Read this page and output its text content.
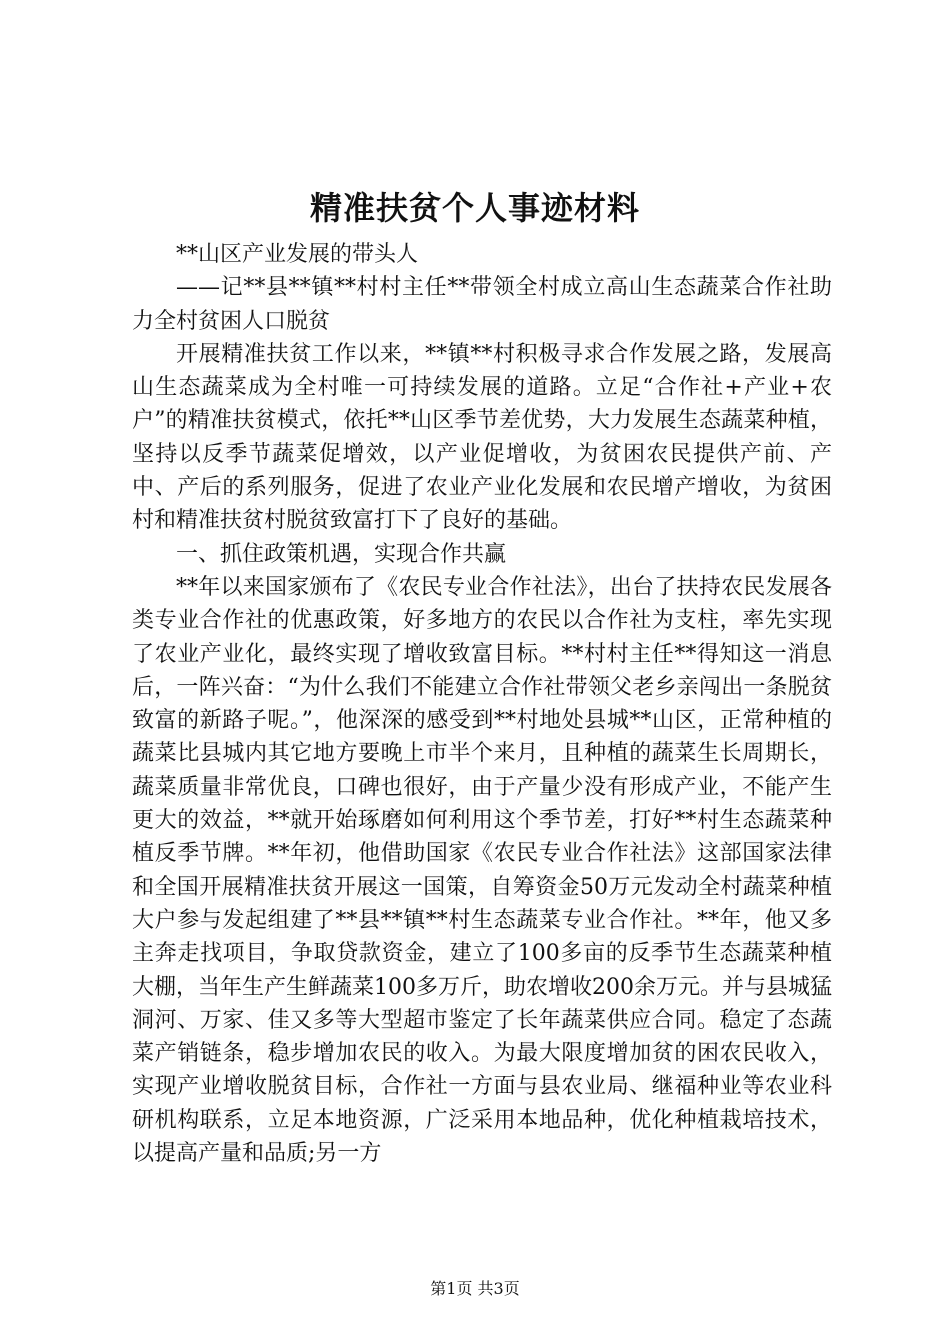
精准扶贫个人事迹材料

**山区产业发展的带头人

——记**县**镇**村村主任**带领全村成立高山生态蔬菜合作社助力全村贫困人口脱贫

开展精准扶贫工作以来，**镇**村积极寻求合作发展之路，发展高山生态蔬菜成为全村唯一可持续发展的道路。立足“合作社+产业+农户”的精准扶贫模式，依托**山区季节差优势，大力发展生态蔬菜种植，坚持以反季节蔬菜促增效，以产业促增收，为贫困农民提供产前、产中、产后的系列服务，促进了农业产业化发展和农民增产增收，为贫困村和精准扶贫村脱贫致富打下了良好的基础。

一、抓住政策机遇，实现合作共赢

**年以来国家颁布了《农民专业合作社法》，出台了扶持农民发展各类专业合作社的优惠政策，好多地方的农民以合作社为支柱，率先实现了农业产业化，最终实现了增收致富目标。**村村主任**得知这一消息后，一阵兴奋：“为什么我们不能建立合作社带领父老乡亲闯出一条脱贫致富的新路子呢。”，他深深的感受到**村地处县城**山区，正常种植的蔬菜比县城内其它地方要晚上市半个来月，且种植的蔬菜生长周期长，蔬菜质量非常优良，口碑也很好，由于产量少没有形成产业，不能产生更大的效益，**就开始琢磨如何利用这个季节差，打好**村生态蔬菜种植反季节牌。**年初，他借助国家《农民专业合作社法》这部国家法律和全国开展精准扶贫开展这一国策，自筹资金50万元发动全村蔬菜种植大户参与发起组建了**县**镇**村生态蔬菜专业合作社。**年，他又多主奔走找项目，争取贷款资金，建立了100多亩的反季节生态蔬菜种植大棚，当年生产生鲜蔬菜100多万斤，助农增收200余万元。并与县城猛洞河、万家、佳又多等大型超市鉴定了长年蔬菜供应合同。稳定了态蔬菜产销链条，稳步增加农民的收入。为最大限度增加贫的困农民收入，实现产业增收脱贫目标，合作社一方面与县农业局、继福种业等农业科研机构联系，立足本地资源，广泛采用本地品种，优化种植栽培技术，以提高产量和品质;另一方

第1页 共3页
